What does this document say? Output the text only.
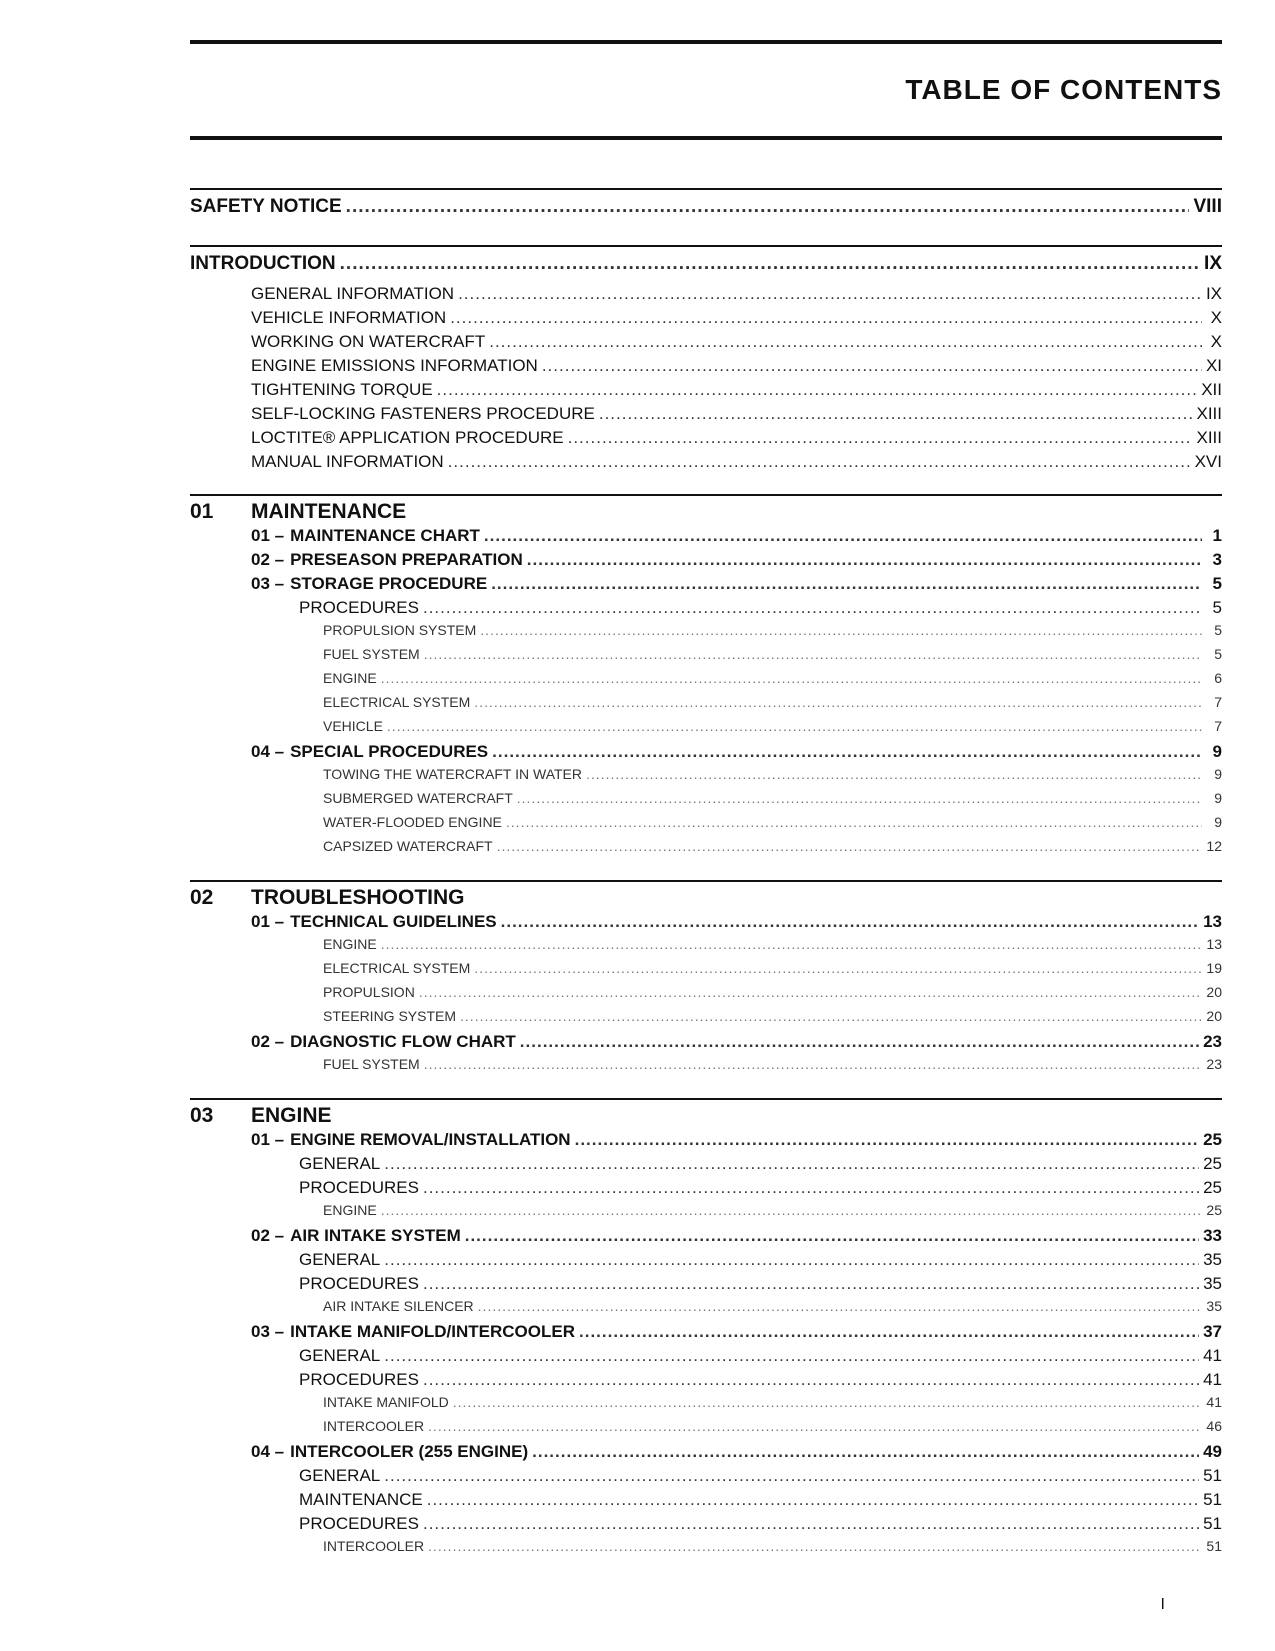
TABLE OF CONTENTS
SAFETY NOTICE .....	VIII
INTRODUCTION .....	IX
GENERAL INFORMATION .....	IX
VEHICLE INFORMATION .....	X
WORKING ON WATERCRAFT .....	X
ENGINE EMISSIONS INFORMATION .....	XI
TIGHTENING TORQUE .....	XII
SELF-LOCKING FASTENERS PROCEDURE .....	XIII
LOCTITE® APPLICATION PROCEDURE .....	XIII
MANUAL INFORMATION .....	XVI
01 MAINTENANCE
01 – MAINTENANCE CHART .....	1
02 – PRESEASON PREPARATION .....	3
03 – STORAGE PROCEDURE .....	5
PROCEDURES .....	5
PROPULSION SYSTEM .....	5
FUEL SYSTEM .....	5
ENGINE .....	6
ELECTRICAL SYSTEM .....	7
VEHICLE .....	7
04 – SPECIAL PROCEDURES .....	9
TOWING THE WATERCRAFT IN WATER .....	9
SUBMERGED WATERCRAFT .....	9
WATER-FLOODED ENGINE .....	9
CAPSIZED WATERCRAFT .....	12
02 TROUBLESHOOTING
01 – TECHNICAL GUIDELINES .....	13
ENGINE .....	13
ELECTRICAL SYSTEM .....	19
PROPULSION .....	20
STEERING SYSTEM .....	20
02 – DIAGNOSTIC FLOW CHART .....	23
FUEL SYSTEM .....	23
03 ENGINE
01 – ENGINE REMOVAL/INSTALLATION .....	25
GENERAL .....	25
PROCEDURES .....	25
ENGINE .....	25
02 – AIR INTAKE SYSTEM .....	33
GENERAL .....	35
PROCEDURES .....	35
AIR INTAKE SILENCER .....	35
03 – INTAKE MANIFOLD/INTERCOOLER .....	37
GENERAL .....	41
PROCEDURES .....	41
INTAKE MANIFOLD .....	41
INTERCOOLER .....	46
04 – INTERCOOLER (255 ENGINE) .....	49
GENERAL .....	51
MAINTENANCE .....	51
PROCEDURES .....	51
INTERCOOLER .....	51
I
